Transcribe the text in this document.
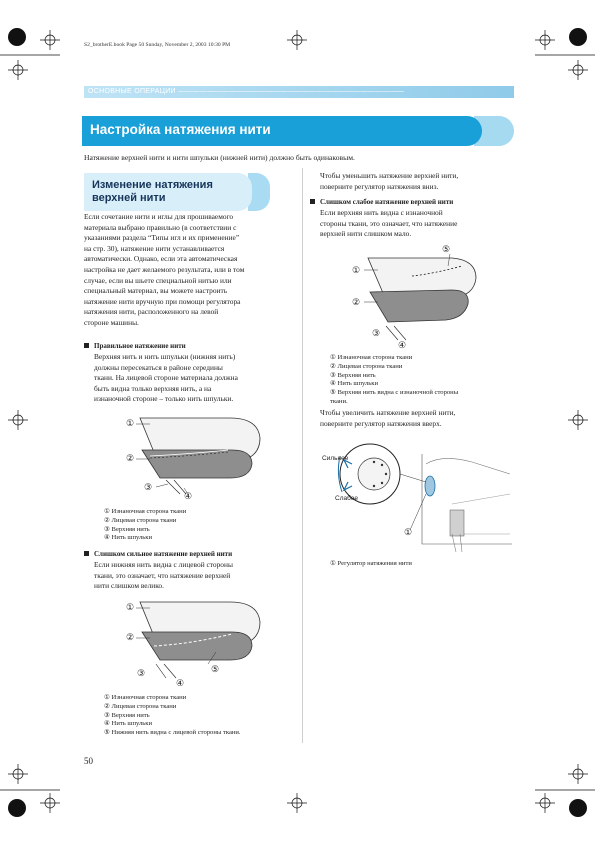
S2_brotherE.book Page 50 Sunday, November 2, 2003 10:30 PM
ОСНОВНЫЕ ОПЕРАЦИИ ———————————————————————————————
Настройка натяжения нити
Натяжение верхней нити и нити шпульки (нижней нити) должно быть одинаковым.
Изменение натяжения верхней нити
Если сочетание нити и иглы для прошиваемого
материала выбрано правильно (в соответствии с
указаниями раздела “Типы игл и их применение”
на стр. 30), натяжение нити устанавливается
автоматически. Однако, если эта автоматическая
настройка не дает желаемого результата, или в том
случае, если вы шьете специальной нитью или
специальный материал, вы можете настроить
натяжение нити вручную при помощи регулятора
натяжения нити, расположенного на левой
стороне машины.
Правильное натяжение нити
Верхняя нить и нить шпульки (нижняя нить)
должны пересекаться в районе середины
ткани. На лицевой стороне материала должна
быть видна только верхняя нить, а на
изнаночной стороне – только нить шпульки.
①
②
③
④
① Изнаночная сторона ткани
② Лицевая сторона ткани
③ Верхняя нить
④ Нить шпульки
Слишком сильное натяжение верхней нити
Если нижняя нить видна с лицевой стороны
ткани, это означает, что натяжение верхней
нити слишком велико.
①
②
③
④
⑤
① Изнаночная сторона ткани
② Лицевая сторона ткани
③ Верхняя нить
④ Нить шпульки
⑤ Нижняя нить видна с лицевой стороны ткани.
50
Чтобы уменьшить натяжение верхней нити,
поверните регулятор натяжения вниз.
Слишком слабое натяжение верхней нити
Если верхняя нить видна с изнаночной
стороны ткани, это означает, что натяжение
верхней нити слишком мало.
①
②
③
④
⑤
① Изнаночная сторона ткани
② Лицевая сторона ткани
③ Верхняя нить
④ Нить шпульки
⑤ Верхняя нить видна с изнаночной стороны
ткани.
Чтобы увеличить натяжение верхней нити,
поверните регулятор натяжения вверх.
Сильнее
Слабее
①
① Регулятор натяжения нити
